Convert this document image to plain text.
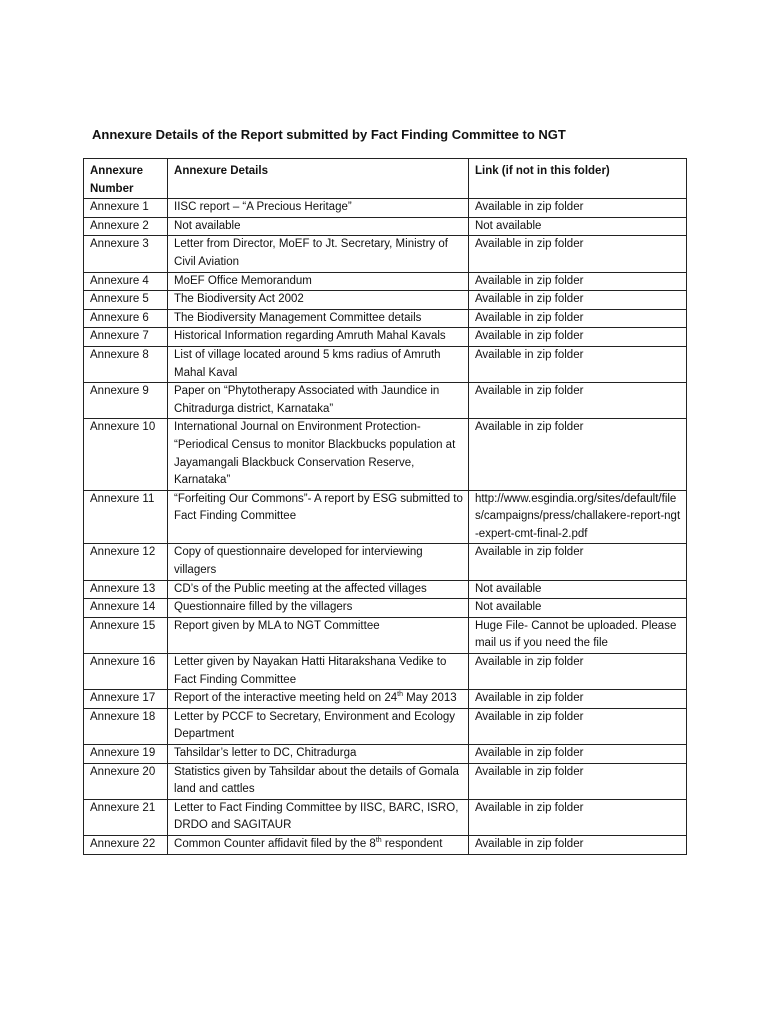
Annexure Details of the Report submitted by Fact Finding Committee to NGT
Annexure Number	Annexure Details	Link (if not in this folder)
Annexure 1	IISC report – “A Precious Heritage”	Available in zip folder
Annexure 2	Not available	Not available
Annexure 3	Letter from Director, MoEF to Jt. Secretary, Ministry of Civil Aviation	Available in zip folder
Annexure 4	MoEF Office Memorandum	Available in zip folder
Annexure 5	The Biodiversity Act 2002	Available in zip folder
Annexure 6	The Biodiversity Management Committee details	Available in zip folder
Annexure 7	Historical Information regarding Amruth Mahal Kavals	Available in zip folder
Annexure 8	List of village located around 5 kms radius of Amruth Mahal Kaval	Available in zip folder
Annexure 9	Paper on “Phytotherapy Associated with Jaundice in Chitradurga district, Karnataka”	Available in zip folder
Annexure 10	International Journal on Environment Protection- “Periodical Census to monitor Blackbucks population at Jayamangali Blackbuck Conservation Reserve, Karnataka”	Available in zip folder
Annexure 11	“Forfeiting Our Commons”- A report by ESG submitted to Fact Finding Committee	http://www.esgindia.org/sites/default/files/campaigns/press/challakere-report-ngt-expert-cmt-final-2.pdf
Annexure 12	Copy of questionnaire developed for interviewing villagers	Available in zip folder
Annexure 13	CD’s of the Public meeting at the affected villages	Not available
Annexure 14	Questionnaire filled by the villagers	Not available
Annexure 15	Report given by MLA to NGT Committee	Huge File- Cannot be uploaded. Please mail us if you need the file
Annexure 16	Letter given by Nayakan Hatti Hitarakshana Vedike to Fact Finding Committee	Available in zip folder
Annexure 17	Report of the interactive meeting held on 24th May 2013	Available in zip folder
Annexure 18	Letter by PCCF to Secretary, Environment and Ecology Department	Available in zip folder
Annexure 19	Tahsildar’s letter to DC, Chitradurga	Available in zip folder
Annexure 20	Statistics given by Tahsildar about the details of Gomala land and cattles	Available in zip folder
Annexure 21	Letter to Fact Finding Committee by IISC, BARC, ISRO, DRDO and SAGITAUR	Available in zip folder
Annexure 22	Common Counter affidavit filed by the 8th respondent	Available in zip folder
